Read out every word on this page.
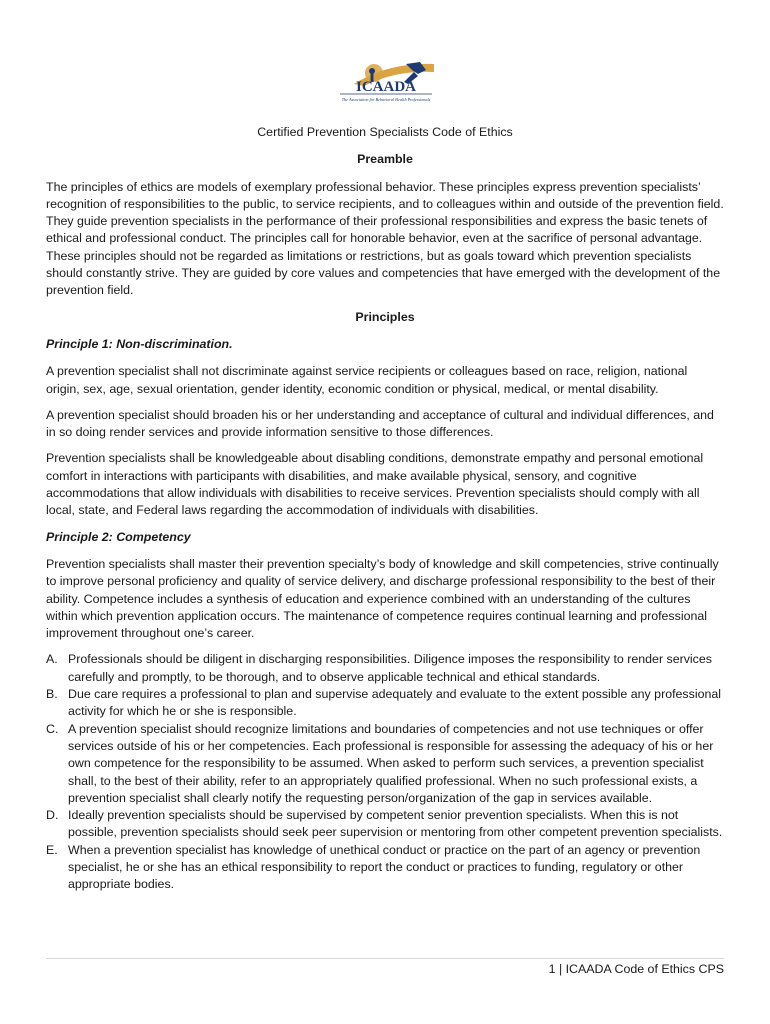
ICAADA
The Association for Behavioral Health Professionals

Certified Prevention Specialists Code of Ethics

Preamble

The principles of ethics are models of exemplary professional behavior. These principles express prevention specialists’ recognition of responsibilities to the public, to service recipients, and to colleagues within and outside of the prevention field. They guide prevention specialists in the performance of their professional responsibilities and express the basic tenets of ethical and professional conduct. The principles call for honorable behavior, even at the sacrifice of personal advantage. These principles should not be regarded as limitations or restrictions, but as goals toward which prevention specialists should constantly strive. They are guided by core values and competencies that have emerged with the development of the prevention field.

Principles

Principle 1: Non-discrimination.

A prevention specialist shall not discriminate against service recipients or colleagues based on race, religion, national origin, sex, age, sexual orientation, gender identity, economic condition or physical, medical, or mental disability.

A prevention specialist should broaden his or her understanding and acceptance of cultural and individual differences, and in so doing render services and provide information sensitive to those differences.

Prevention specialists shall be knowledgeable about disabling conditions, demonstrate empathy and personal emotional comfort in interactions with participants with disabilities, and make available physical, sensory, and cognitive accommodations that allow individuals with disabilities to receive services. Prevention specialists should comply with all local, state, and Federal laws regarding the accommodation of individuals with disabilities.

Principle 2: Competency

Prevention specialists shall master their prevention specialty’s body of knowledge and skill competencies, strive continually to improve personal proficiency and quality of service delivery, and discharge professional responsibility to the best of their ability. Competence includes a synthesis of education and experience combined with an understanding of the cultures within which prevention application occurs. The maintenance of competence requires continual learning and professional improvement throughout one’s career.

A. Professionals should be diligent in discharging responsibilities. Diligence imposes the responsibility to render services carefully and promptly, to be thorough, and to observe applicable technical and ethical standards.
B. Due care requires a professional to plan and supervise adequately and evaluate to the extent possible any professional activity for which he or she is responsible.
C. A prevention specialist should recognize limitations and boundaries of competencies and not use techniques or offer services outside of his or her competencies. Each professional is responsible for assessing the adequacy of his or her own competence for the responsibility to be assumed. When asked to perform such services, a prevention specialist shall, to the best of their ability, refer to an appropriately qualified professional. When no such professional exists, a prevention specialist shall clearly notify the requesting person/organization of the gap in services available.
D. Ideally prevention specialists should be supervised by competent senior prevention specialists. When this is not possible, prevention specialists should seek peer supervision or mentoring from other competent prevention specialists.
E. When a prevention specialist has knowledge of unethical conduct or practice on the part of an agency or prevention specialist, he or she has an ethical responsibility to report the conduct or practices to funding, regulatory or other appropriate bodies.
1 | ICAADA Code of Ethics CPS
